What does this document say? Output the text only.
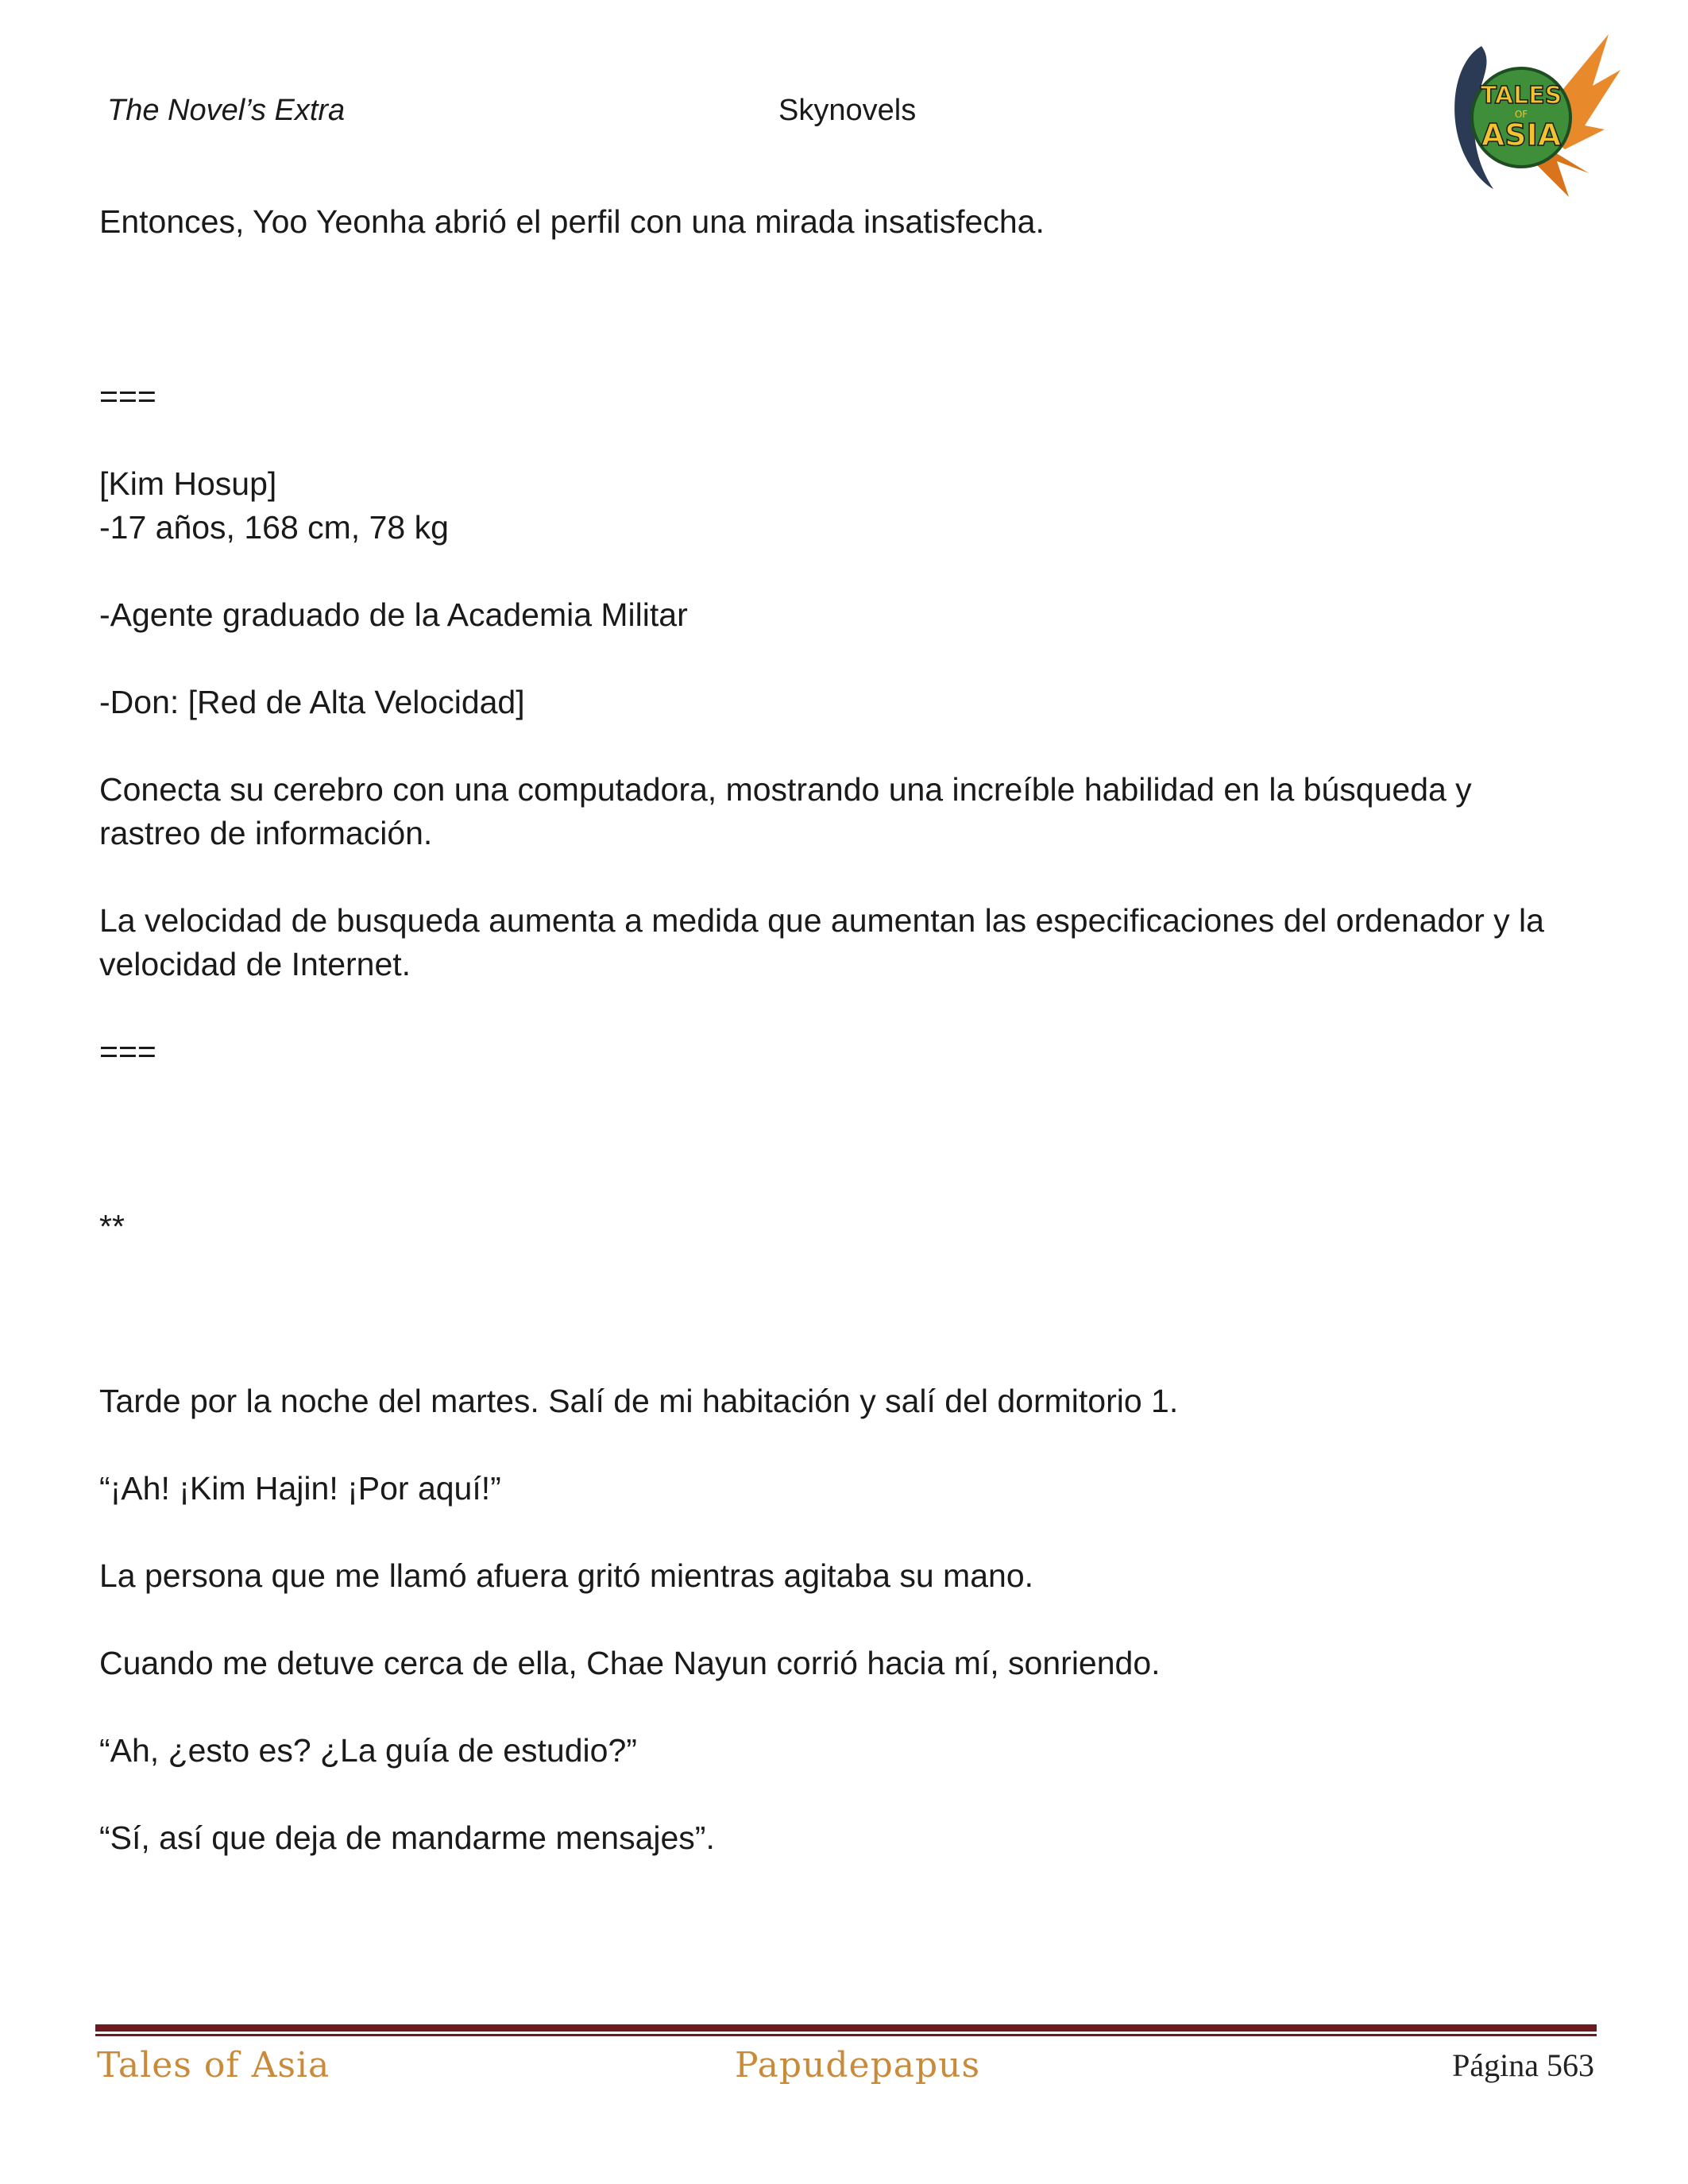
The Novel’s Extra	Skynovels	TALES
OF
ASIA

Entonces, Yoo Yeonha abrió el perfil con una mirada insatisfecha.

===

[Kim Hosup]
-17 años, 168 cm, 78 kg

-Agente graduado de la Academia Militar

-Don: [Red de Alta Velocidad]

Conecta su cerebro con una computadora, mostrando una increíble habilidad en la búsqueda y
rastreo de información.

La velocidad de busqueda aumenta a medida que aumentan las especificaciones del ordenador y la
velocidad de Internet.

===

**

Tarde por la noche del martes. Salí de mi habitación y salí del dormitorio 1.

“¡Ah! ¡Kim Hajin! ¡Por aquí!”

La persona que me llamó afuera gritó mientras agitaba su mano.

Cuando me detuve cerca de ella, Chae Nayun corrió hacia mí, sonriendo.

“Ah, ¿esto es? ¿La guía de estudio?”

“Sí, así que deja de mandarme mensajes”.

Tales of Asia	Papudepapus	Página 563
